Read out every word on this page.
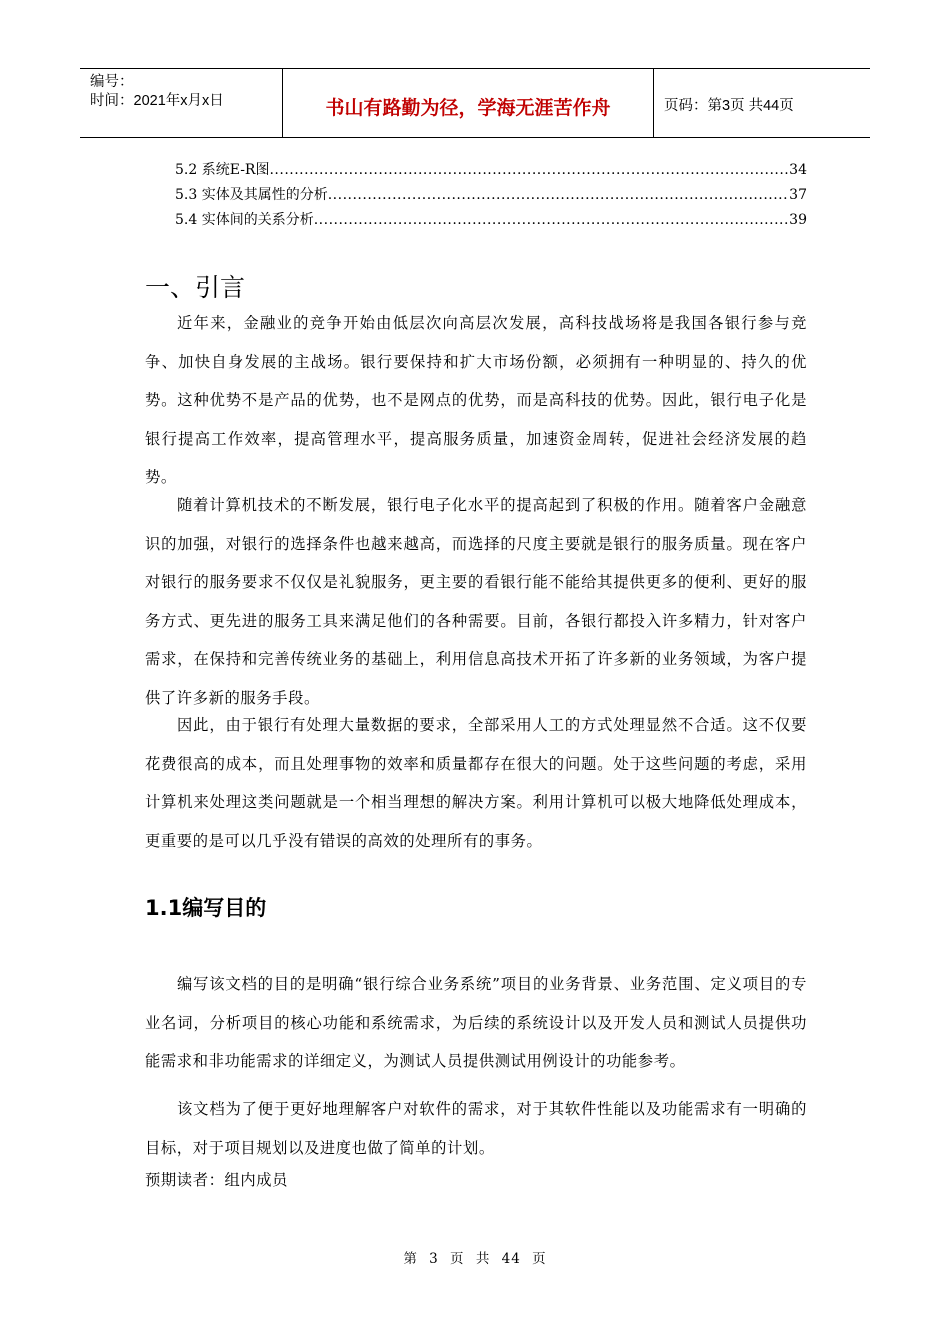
编号：
时间：2021年x月x日	书山有路勤为径，学海无涯苦作舟	页码：第3页 共44页
5.2 系统E-R图 .....	34
5.3 实体及其属性的分析 .....	37
5.4 实体间的关系分析 .....	39
一、引言

近年来，金融业的竞争开始由低层次向高层次发展，高科技战场将是我国各银行参与竞争、加快自身发展的主战场。银行要保持和扩大市场份额，必须拥有一种明显的、持久的优势。这种优势不是产品的优势，也不是网点的优势，而是高科技的优势。因此，银行电子化是银行提高工作效率，提高管理水平，提高服务质量，加速资金周转，促进社会经济发展的趋势。

随着计算机技术的不断发展，银行电子化水平的提高起到了积极的作用。随着客户金融意识的加强，对银行的选择条件也越来越高，而选择的尺度主要就是银行的服务质量。现在客户对银行的服务要求不仅仅是礼貌服务，更主要的看银行能不能给其提供更多的便利、更好的服务方式、更先进的服务工具来满足他们的各种需要。目前，各银行都投入许多精力，针对客户需求，在保持和完善传统业务的基础上，利用信息高技术开拓了许多新的业务领域，为客户提供了许多新的服务手段。

因此，由于银行有处理大量数据的要求，全部采用人工的方式处理显然不合适。这不仅要花费很高的成本，而且处理事物的效率和质量都存在很大的问题。处于这些问题的考虑，采用计算机来处理这类问题就是一个相当理想的解决方案。利用计算机可以极大地降低处理成本，更重要的是可以几乎没有错误的高效的处理所有的事务。

1.1编写目的

编写该文档的目的是明确“银行综合业务系统”项目的业务背景、业务范围、定义项目的专业名词，分析项目的核心功能和系统需求，为后续的系统设计以及开发人员和测试人员提供功能需求和非功能需求的详细定义，为测试人员提供测试用例设计的功能参考。

该文档为了便于更好地理解客户对软件的需求，对于其软件性能以及功能需求有一明确的目标，对于项目规划以及进度也做了简单的计划。

预期读者：组内成员
第 3 页 共 44 页
